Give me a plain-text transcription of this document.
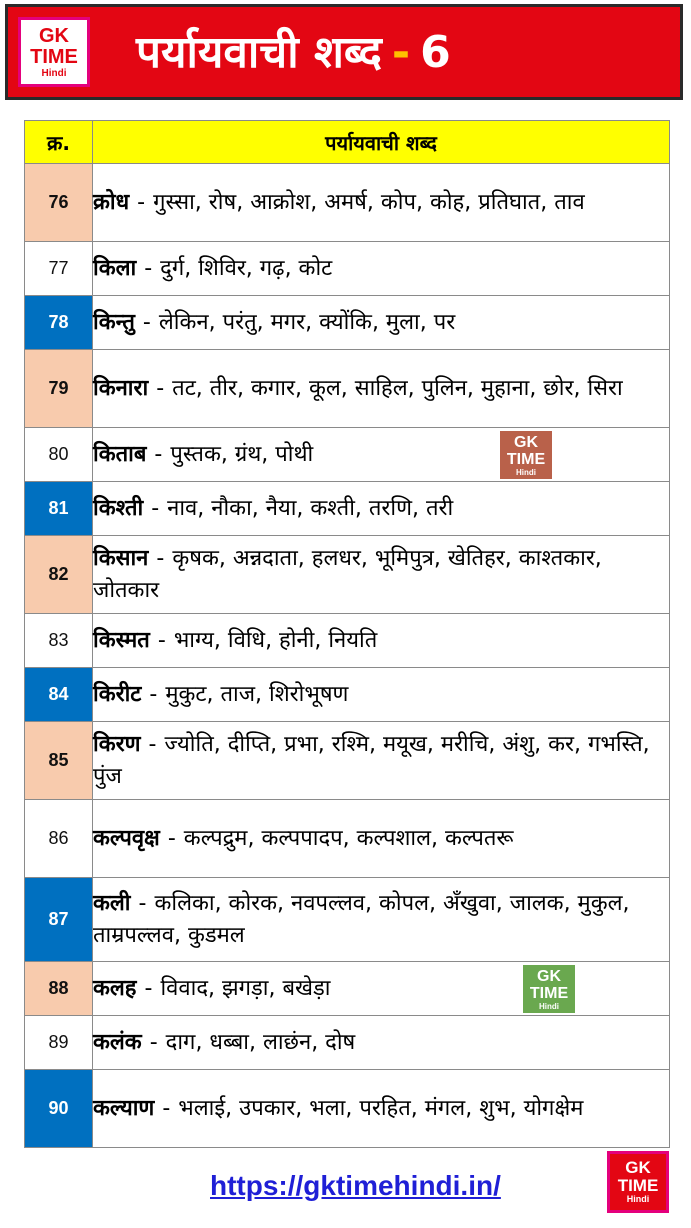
GK
TIME
Hindi	पर्यायवाची शब्द - 6
क्र.	पर्यायवाची शब्द
76	क्रोध - गुस्सा, रोष, आक्रोश, अमर्ष, कोप, कोह, प्रतिघात, ताव
77	किला - दुर्ग, शिविर, गढ़, कोट
78	किन्तु - लेकिन, परंतु, मगर, क्योंकि, मुला, पर
79	किनारा - तट, तीर, कगार, कूल, साहिल, पुलिन, मुहाना, छोर, सिरा
80	किताब - पुस्तक, ग्रंथ, पोथी GK
TIME
Hindi

81	किश्ती - नाव, नौका, नैया, कश्ती, तरणि, तरी
82	किसान - कृषक, अन्नदाता, हलधर, भूमिपुत्र, खेतिहर, काश्तकार, जोतकार
83	किस्मत - भाग्य, विधि, होनी, नियति
84	किरीट - मुकुट, ताज, शिरोभूषण
85	किरण - ज्योति, दीप्ति, प्रभा, रश्मि, मयूख, मरीचि, अंशु, कर, गभस्ति, पुंज
86	कल्पवृक्ष - कल्पद्रुम, कल्पपादप, कल्पशाल, कल्पतरू
87	कली - कलिका, कोरक, नवपल्लव, कोपल, अँखुवा, जालक, मुकुल, ताम्रपल्लव, कुडमल
88	कलह - विवाद, झगड़ा, बखेड़ा GK
TIME
Hindi

89	कलंक - दाग, धब्बा, लाछंन, दोष
90	कल्याण - भलाई, उपकार, भला, परहित, मंगल, शुभ, योगक्षेम
https://gktimehindi.in/
GK
TIME
Hindi
